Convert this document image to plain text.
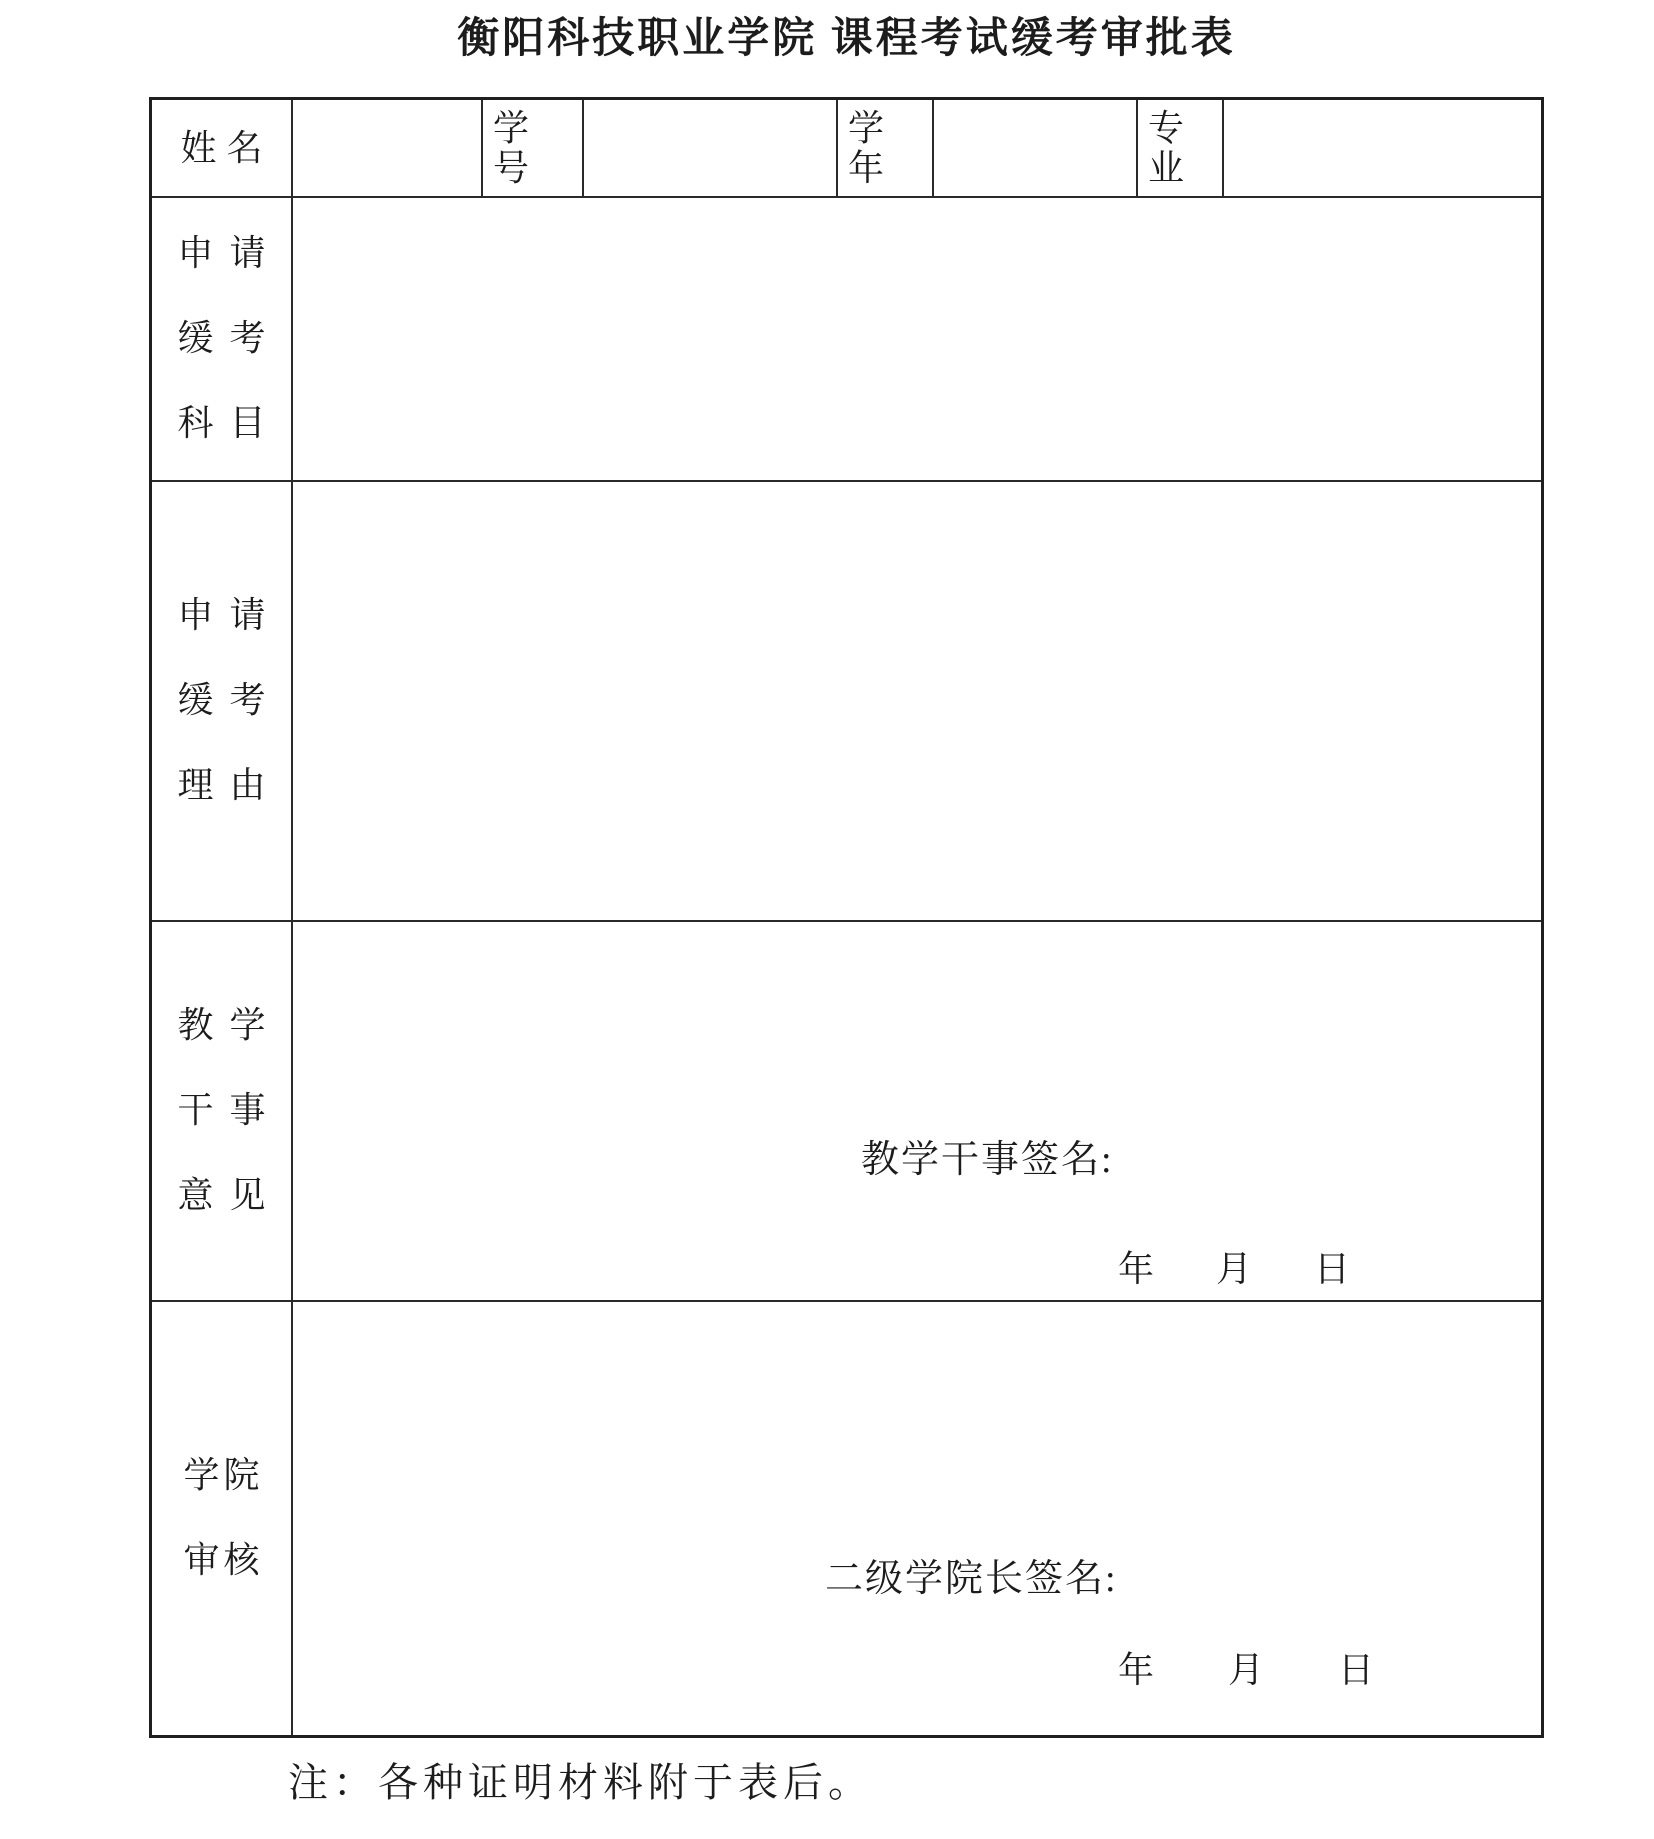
衡阳科技职业学院 课程考试缓考审批表
姓名	学号
学年
专业
申请
缓考
科目
申请
缓考
理由
教学
干事
意见
教学干事签名:
年 月 日
学院
审核	二级学院长签名:
年 月 日
注：各种证明材料附于表后。
